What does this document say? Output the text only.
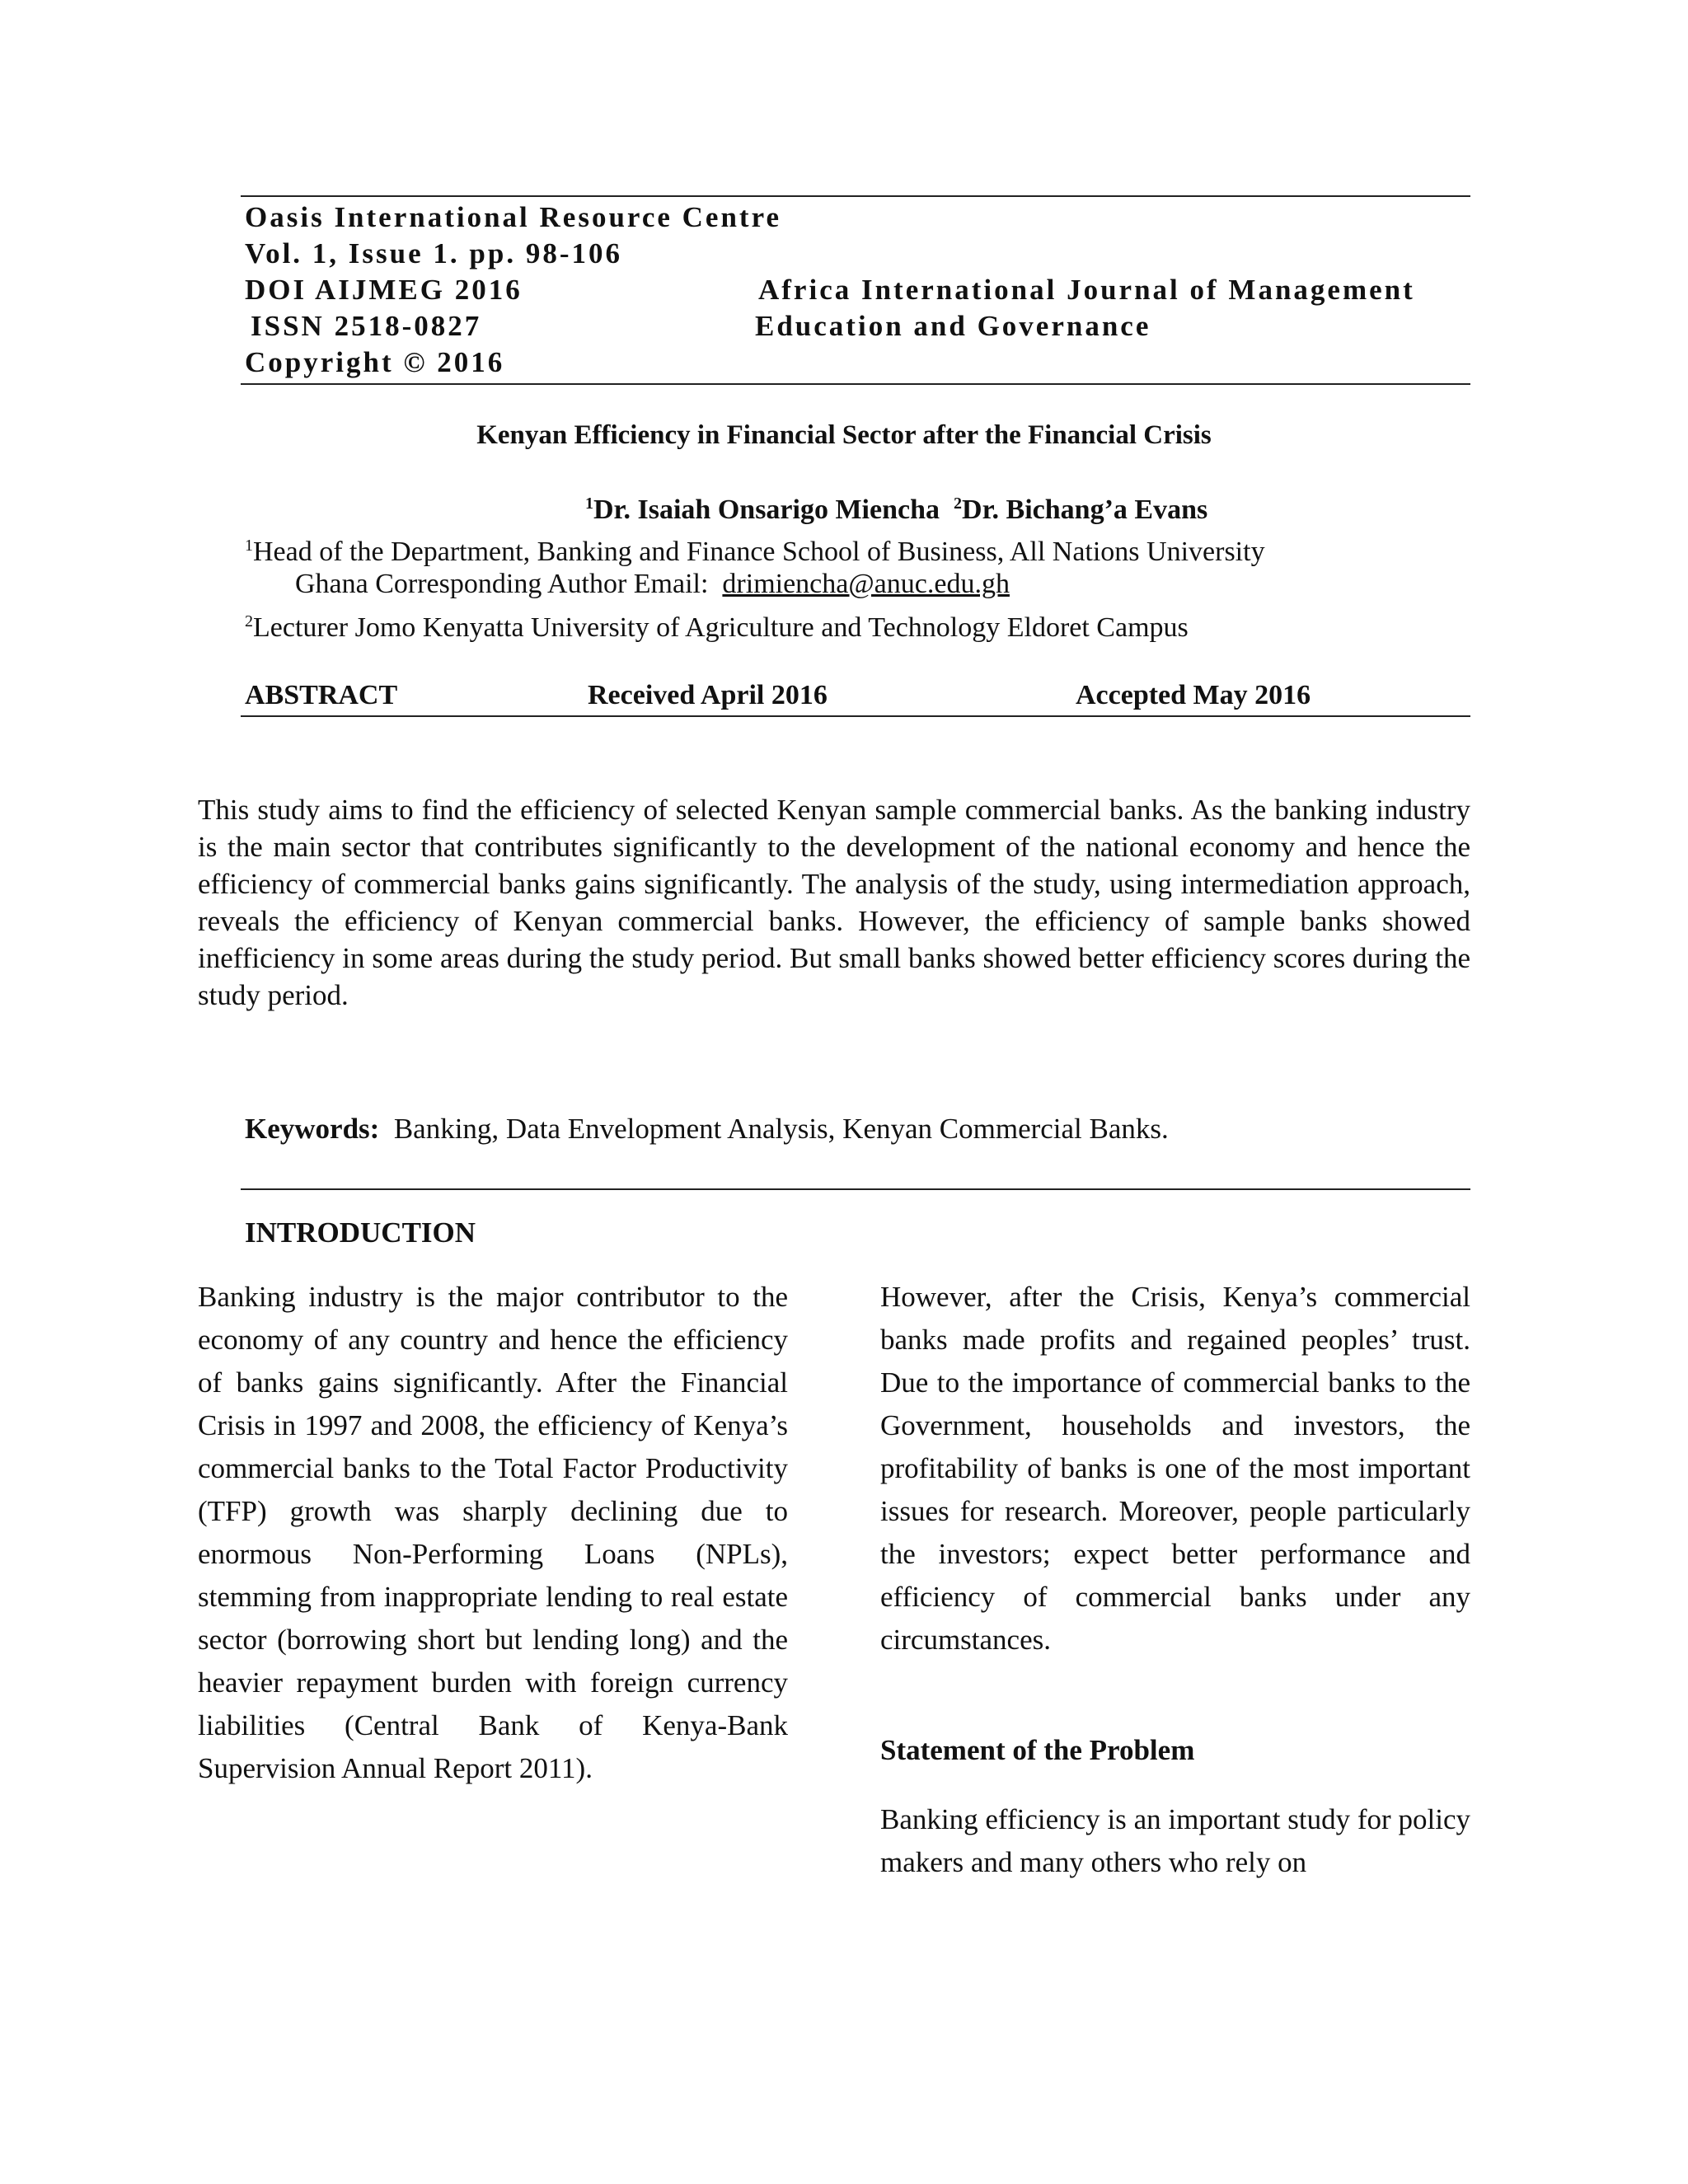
Oasis International Resource Centre
Vol. 1, Issue 1. pp. 98-106
DOI AIJMEG 2016
ISSN 2518-0827
Copyright © 2016
Africa International Journal of Management
Education and Governance
Kenyan Efficiency in Financial Sector after the Financial Crisis
$^1$Dr. Isaiah Onsarigo Miencha $^2$Dr. Bichang’a Evans
$^1$Head of the Department, Banking and Finance School of Business, All Nations University
Ghana Corresponding Author Email: drimiencha@anuc.edu.gh
$^2$Lecturer Jomo Kenyatta University of Agriculture and Technology Eldoret Campus
ABSTRACT	Received April 2016	Accepted May 2016
This study aims to find the efficiency of selected Kenyan sample commercial banks. As the banking industry is the main sector that contributes significantly to the development of the national economy and hence the efficiency of commercial banks gains significantly. The analysis of the study, using intermediation approach, reveals the efficiency of Kenyan commercial banks. However, the efficiency of sample banks showed inefficiency in some areas during the study period. But small banks showed better efficiency scores during the study period.
Keywords: Banking, Data Envelopment Analysis, Kenyan Commercial Banks.
INTRODUCTION
Banking industry is the major contributor to the economy of any country and hence the efficiency of banks gains significantly. After the Financial Crisis in 1997 and 2008, the efficiency of Kenya’s commercial banks to the Total Factor Productivity (TFP) growth was sharply declining due to enormous Non-Performing Loans (NPLs), stemming from inappropriate lending to real estate sector (borrowing short but lending long) and the heavier repayment burden with foreign currency liabilities (Central Bank of Kenya-Bank Supervision Annual Report 2011).
However, after the Crisis, Kenya’s commercial banks made profits and regained peoples’ trust. Due to the importance of commercial banks to the Government, households and investors, the profitability of banks is one of the most important issues for research. Moreover, people particularly the investors; expect better performance and efficiency of commercial banks under any circumstances.
Statement of the Problem
Banking efficiency is an important study for policy makers and many others who rely on
